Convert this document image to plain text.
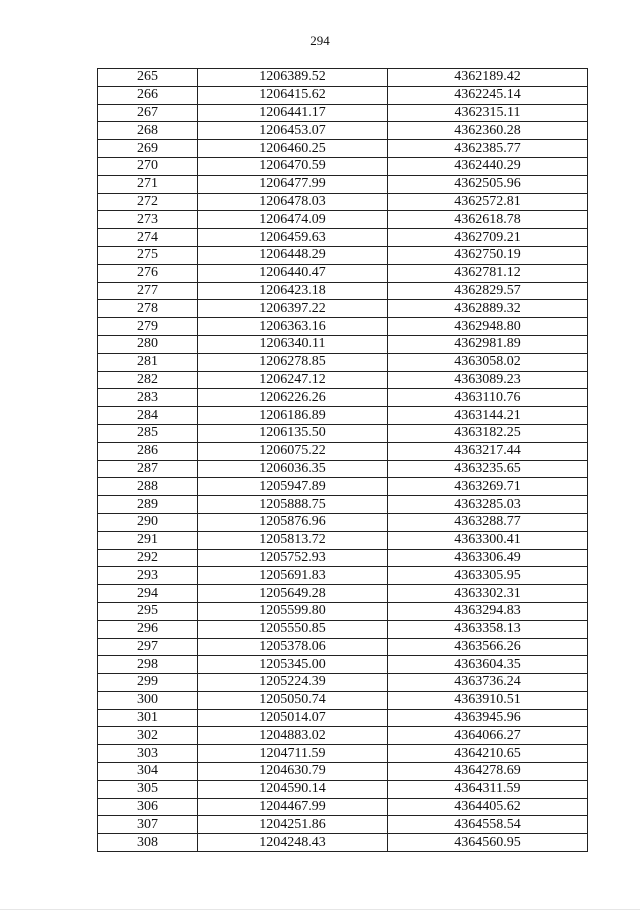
294
265	1206389.52	4362189.42
266	1206415.62	4362245.14
267	1206441.17	4362315.11
268	1206453.07	4362360.28
269	1206460.25	4362385.77
270	1206470.59	4362440.29
271	1206477.99	4362505.96
272	1206478.03	4362572.81
273	1206474.09	4362618.78
274	1206459.63	4362709.21
275	1206448.29	4362750.19
276	1206440.47	4362781.12
277	1206423.18	4362829.57
278	1206397.22	4362889.32
279	1206363.16	4362948.80
280	1206340.11	4362981.89
281	1206278.85	4363058.02
282	1206247.12	4363089.23
283	1206226.26	4363110.76
284	1206186.89	4363144.21
285	1206135.50	4363182.25
286	1206075.22	4363217.44
287	1206036.35	4363235.65
288	1205947.89	4363269.71
289	1205888.75	4363285.03
290	1205876.96	4363288.77
291	1205813.72	4363300.41
292	1205752.93	4363306.49
293	1205691.83	4363305.95
294	1205649.28	4363302.31
295	1205599.80	4363294.83
296	1205550.85	4363358.13
297	1205378.06	4363566.26
298	1205345.00	4363604.35
299	1205224.39	4363736.24
300	1205050.74	4363910.51
301	1205014.07	4363945.96
302	1204883.02	4364066.27
303	1204711.59	4364210.65
304	1204630.79	4364278.69
305	1204590.14	4364311.59
306	1204467.99	4364405.62
307	1204251.86	4364558.54
308	1204248.43	4364560.95
